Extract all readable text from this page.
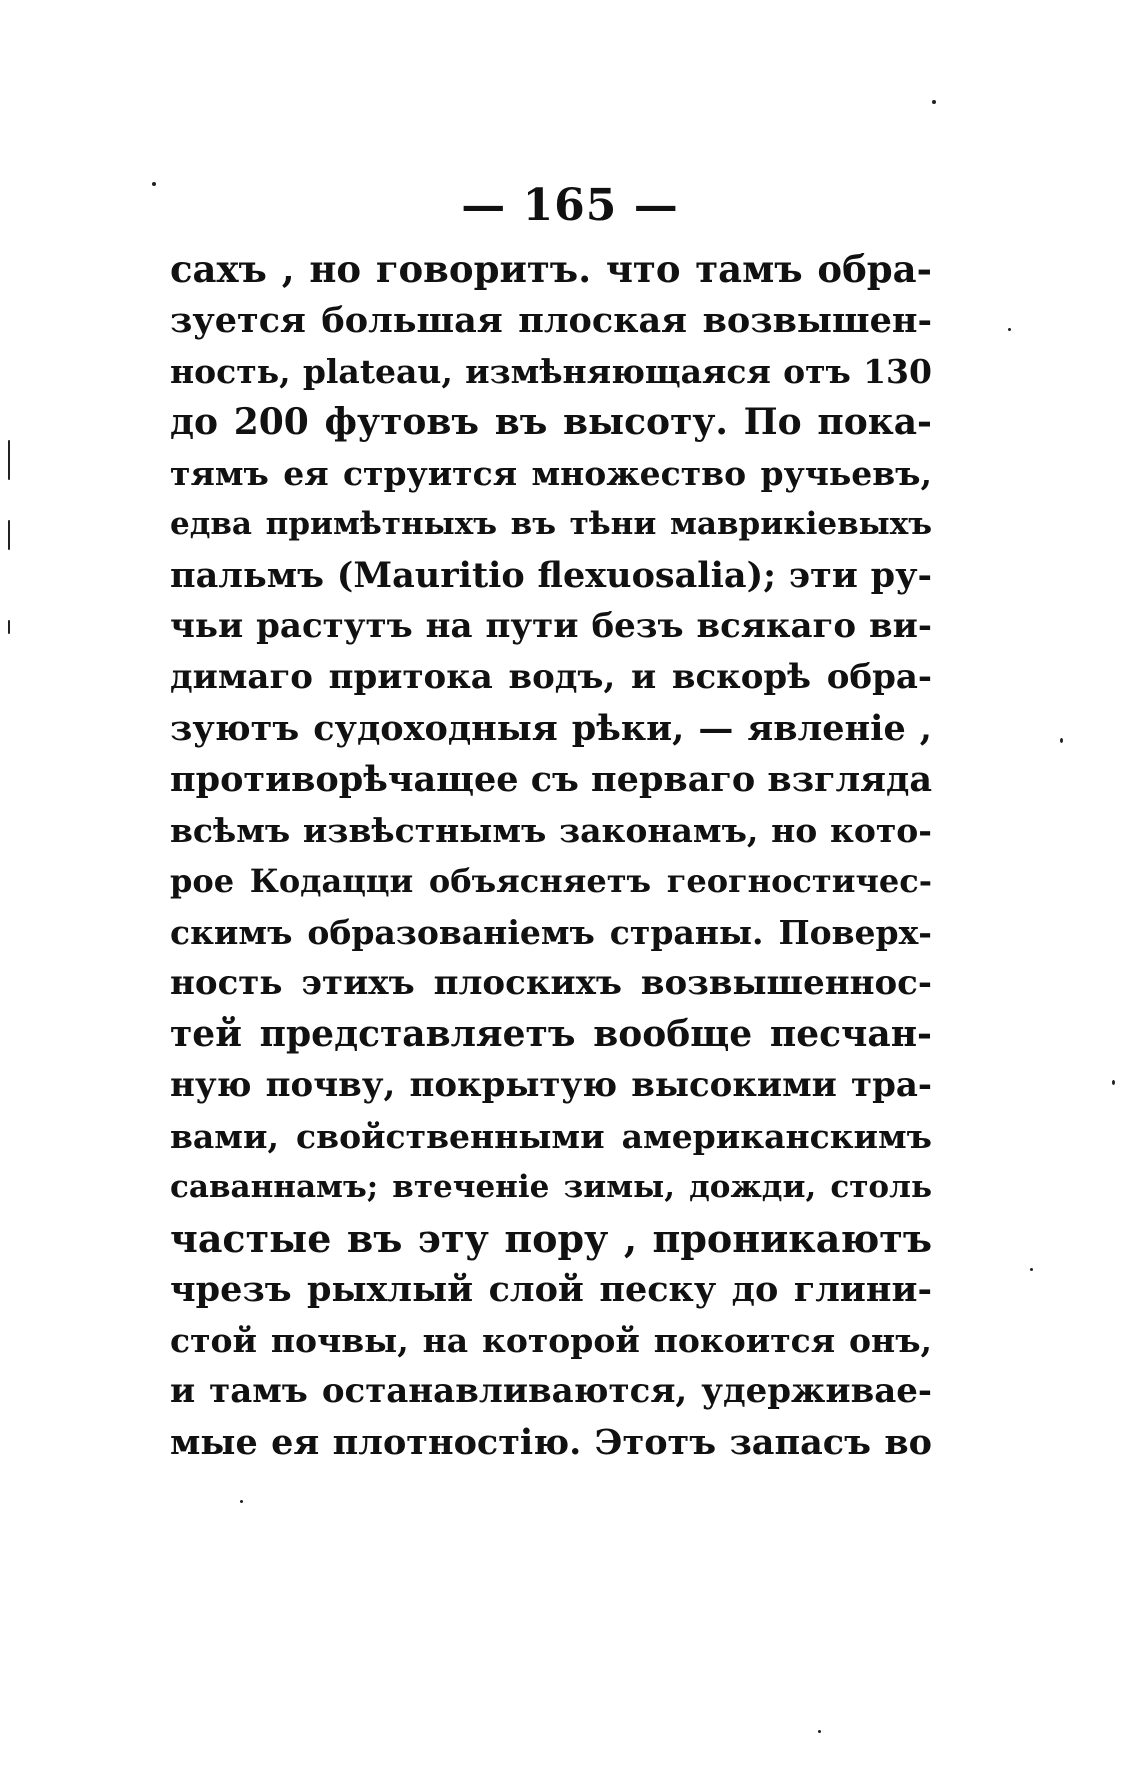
— 165 —
сахъ , но говоритъ. что тамъ обра-
зуется большая плоская возвышен-
ность, plateau, измѣняющаяся отъ 130
до 200 футовъ въ высоту. По пока-
тямъ ея струится множество ручьевъ,
едва примѣтныхъ въ тѣни маврикіевыхъ
пальмъ (Mauritio flexuosalia); эти ру-
чьи растутъ на пути безъ всякаго ви-
димаго притока водъ, и вскорѣ обра-
зуютъ судоходныя рѣки, — явленіе ,
противорѣчащее съ перваго взгляда
всѣмъ извѣстнымъ законамъ, но кото-
рое Кодацци объясняетъ геогностичес-
скимъ образованіемъ страны. Поверх-
ность этихъ плоскихъ возвышеннос-
тей представляетъ вообще песчан-
ную почву, покрытую высокими тра-
вами, свойственными американскимъ
саваннамъ; втеченіе зимы, дожди, столь
частые въ эту пору , проникаютъ
чрезъ рыхлый слой песку до глини-
стой почвы, на которой покоится онъ,
и тамъ останавливаются, удерживае-
мые ея плотностію. Этотъ запасъ во
